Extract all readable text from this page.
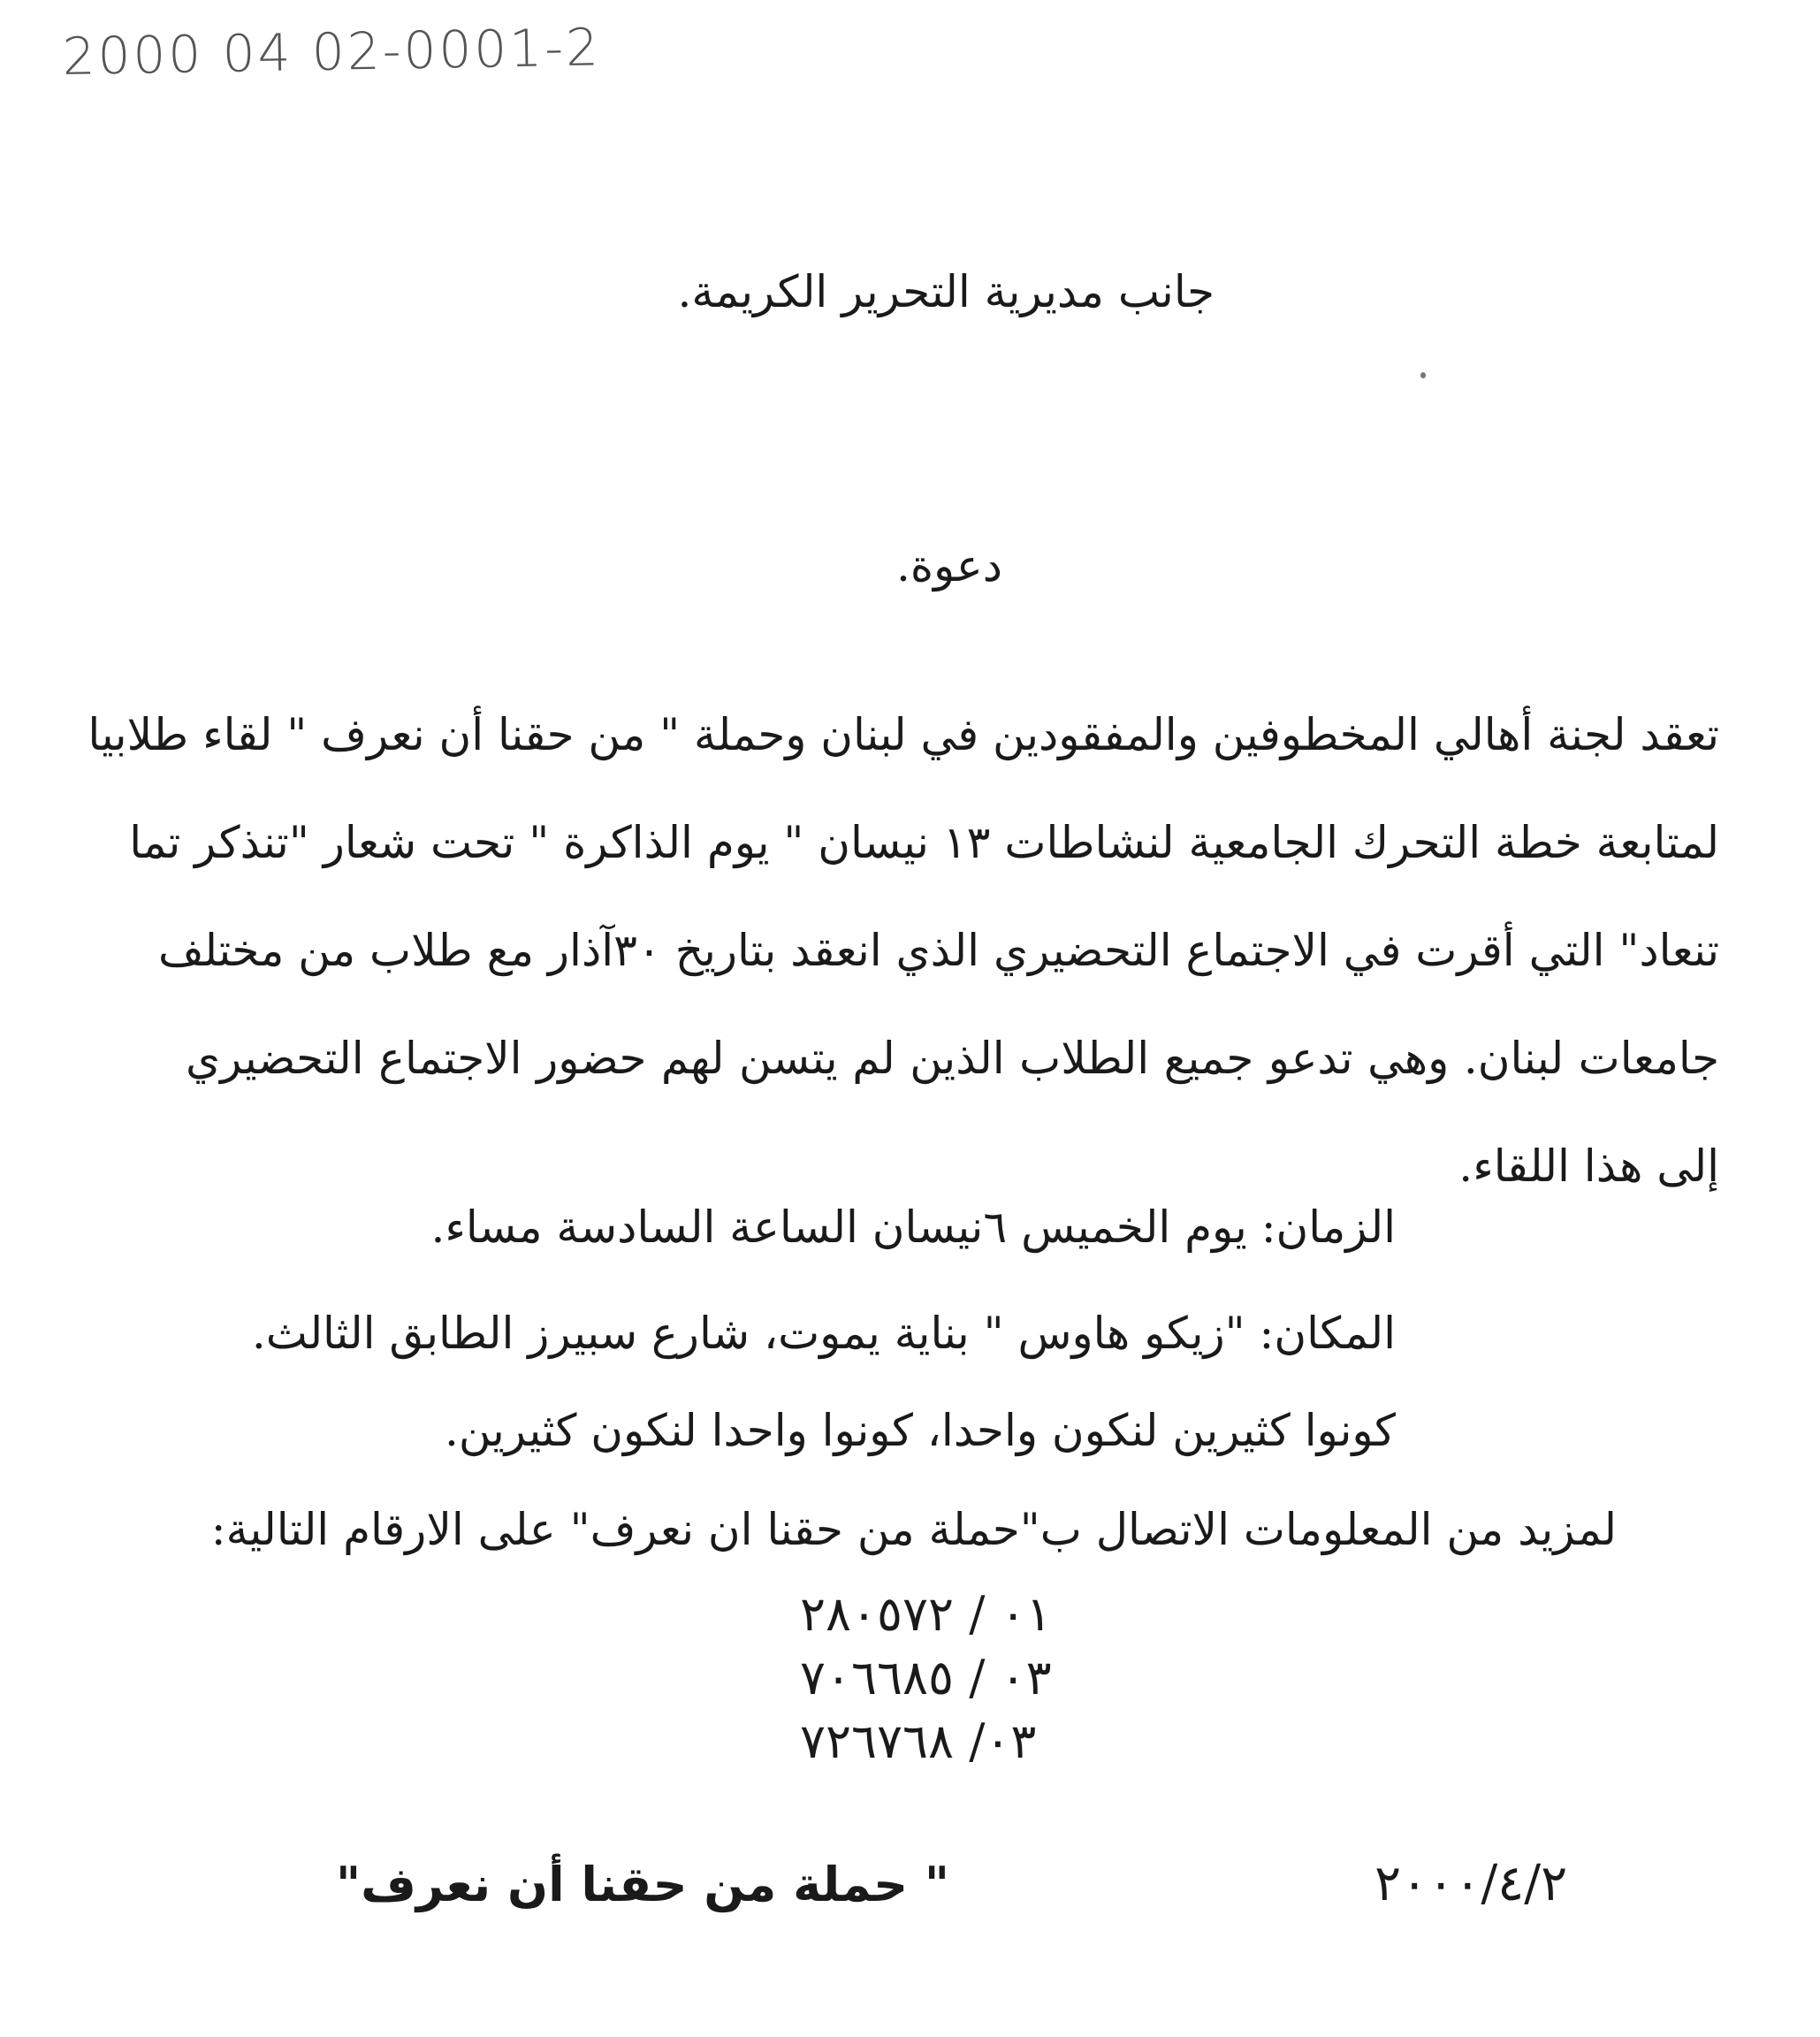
2000 04 02-0001-2
جانب مديرية التحرير الكريمة.
دعوة.
تعقد لجنة أهالي المخطوفين والمفقودين في لبنان وحملة " من حقنا أن نعرف " لقاء طلابيا
لمتابعة خطة التحرك الجامعية لنشاطات ١٣ نيسان " يوم الذاكرة " تحت شعار "تنذكر تما
تنعاد" التي أقرت في الاجتماع التحضيري الذي انعقد بتاريخ ٣٠آذار مع طلاب من مختلف
جامعات لبنان. وهي تدعو جميع الطلاب الذين لم يتسن لهم حضور الاجتماع التحضيري
إلى هذا اللقاء.
الزمان: يوم الخميس ٦نيسان الساعة السادسة مساء.
المكان: "زيكو هاوس " بناية يموت، شارع سبيرز الطابق الثالث.
كونوا كثيرين لنكون واحدا، كونوا واحدا لنكون كثيرين.
لمزيد من المعلومات الاتصال ب"حملة من حقنا ان نعرف" على الارقام التالية:
٠١ / ٢٨٠٥٧٢
٠٣ / ٧٠٦٦٨٥
٠٣/ ٧٢٦٧٦٨
" حملة من حقنا أن نعرف"	٢٠٠٠/٤/٢
